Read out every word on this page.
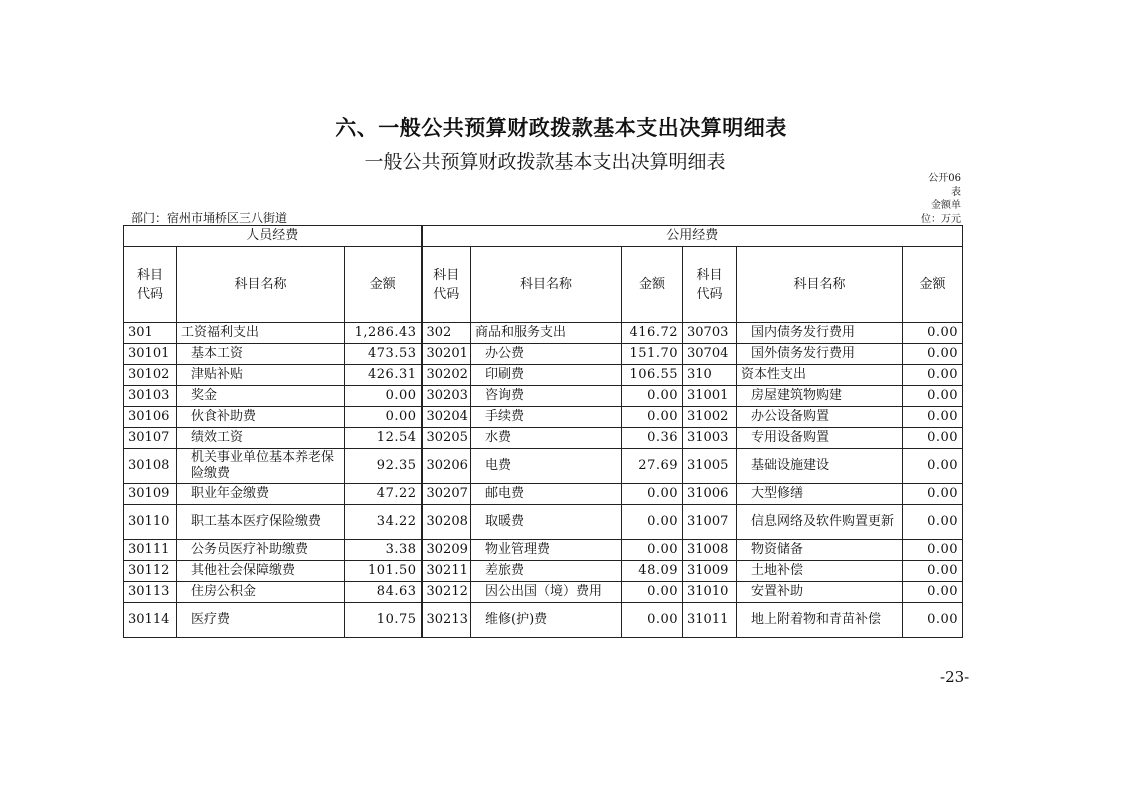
六、一般公共预算财政拨款基本支出决算明细表
一般公共预算财政拨款基本支出决算明细表
公开06
表
部门：宿州市埇桥区三八街道
金额单
位：万元
人员经费			公用经费					
科目代码	科目名称	金额	科目代码	科目名称	金额	科目代码	科目名称	金额
301	工资福利支出	1,286.43	302	商品和服务支出	416.72	30703	国内债务发行费用	0.00
30101	基本工资	473.53	30201	办公费	151.70	30704	国外债务发行费用	0.00
30102	津贴补贴	426.31	30202	印刷费	106.55	310	资本性支出	0.00
30103	奖金	0.00	30203	咨询费	0.00	31001	房屋建筑物购建	0.00
30106	伙食补助费	0.00	30204	手续费	0.00	31002	办公设备购置	0.00
30107	绩效工资	12.54	30205	水费	0.36	31003	专用设备购置	0.00
30108	机关事业单位基本养老保险缴费	92.35	30206	电费	27.69	31005	基础设施建设	0.00
30109	职业年金缴费	47.22	30207	邮电费	0.00	31006	大型修缮	0.00
30110	职工基本医疗保险缴费	34.22	30208	取暖费	0.00	31007	信息网络及软件购置更新	0.00
30111	公务员医疗补助缴费	3.38	30209	物业管理费	0.00	31008	物资储备	0.00
30112	其他社会保障缴费	101.50	30211	差旅费	48.09	31009	土地补偿	0.00
30113	住房公积金	84.63	30212	因公出国（境）费用	0.00	31010	安置补助	0.00
30114	医疗费	10.75	30213	维修(护)费	0.00	31011	地上附着物和青苗补偿	0.00
-23-
